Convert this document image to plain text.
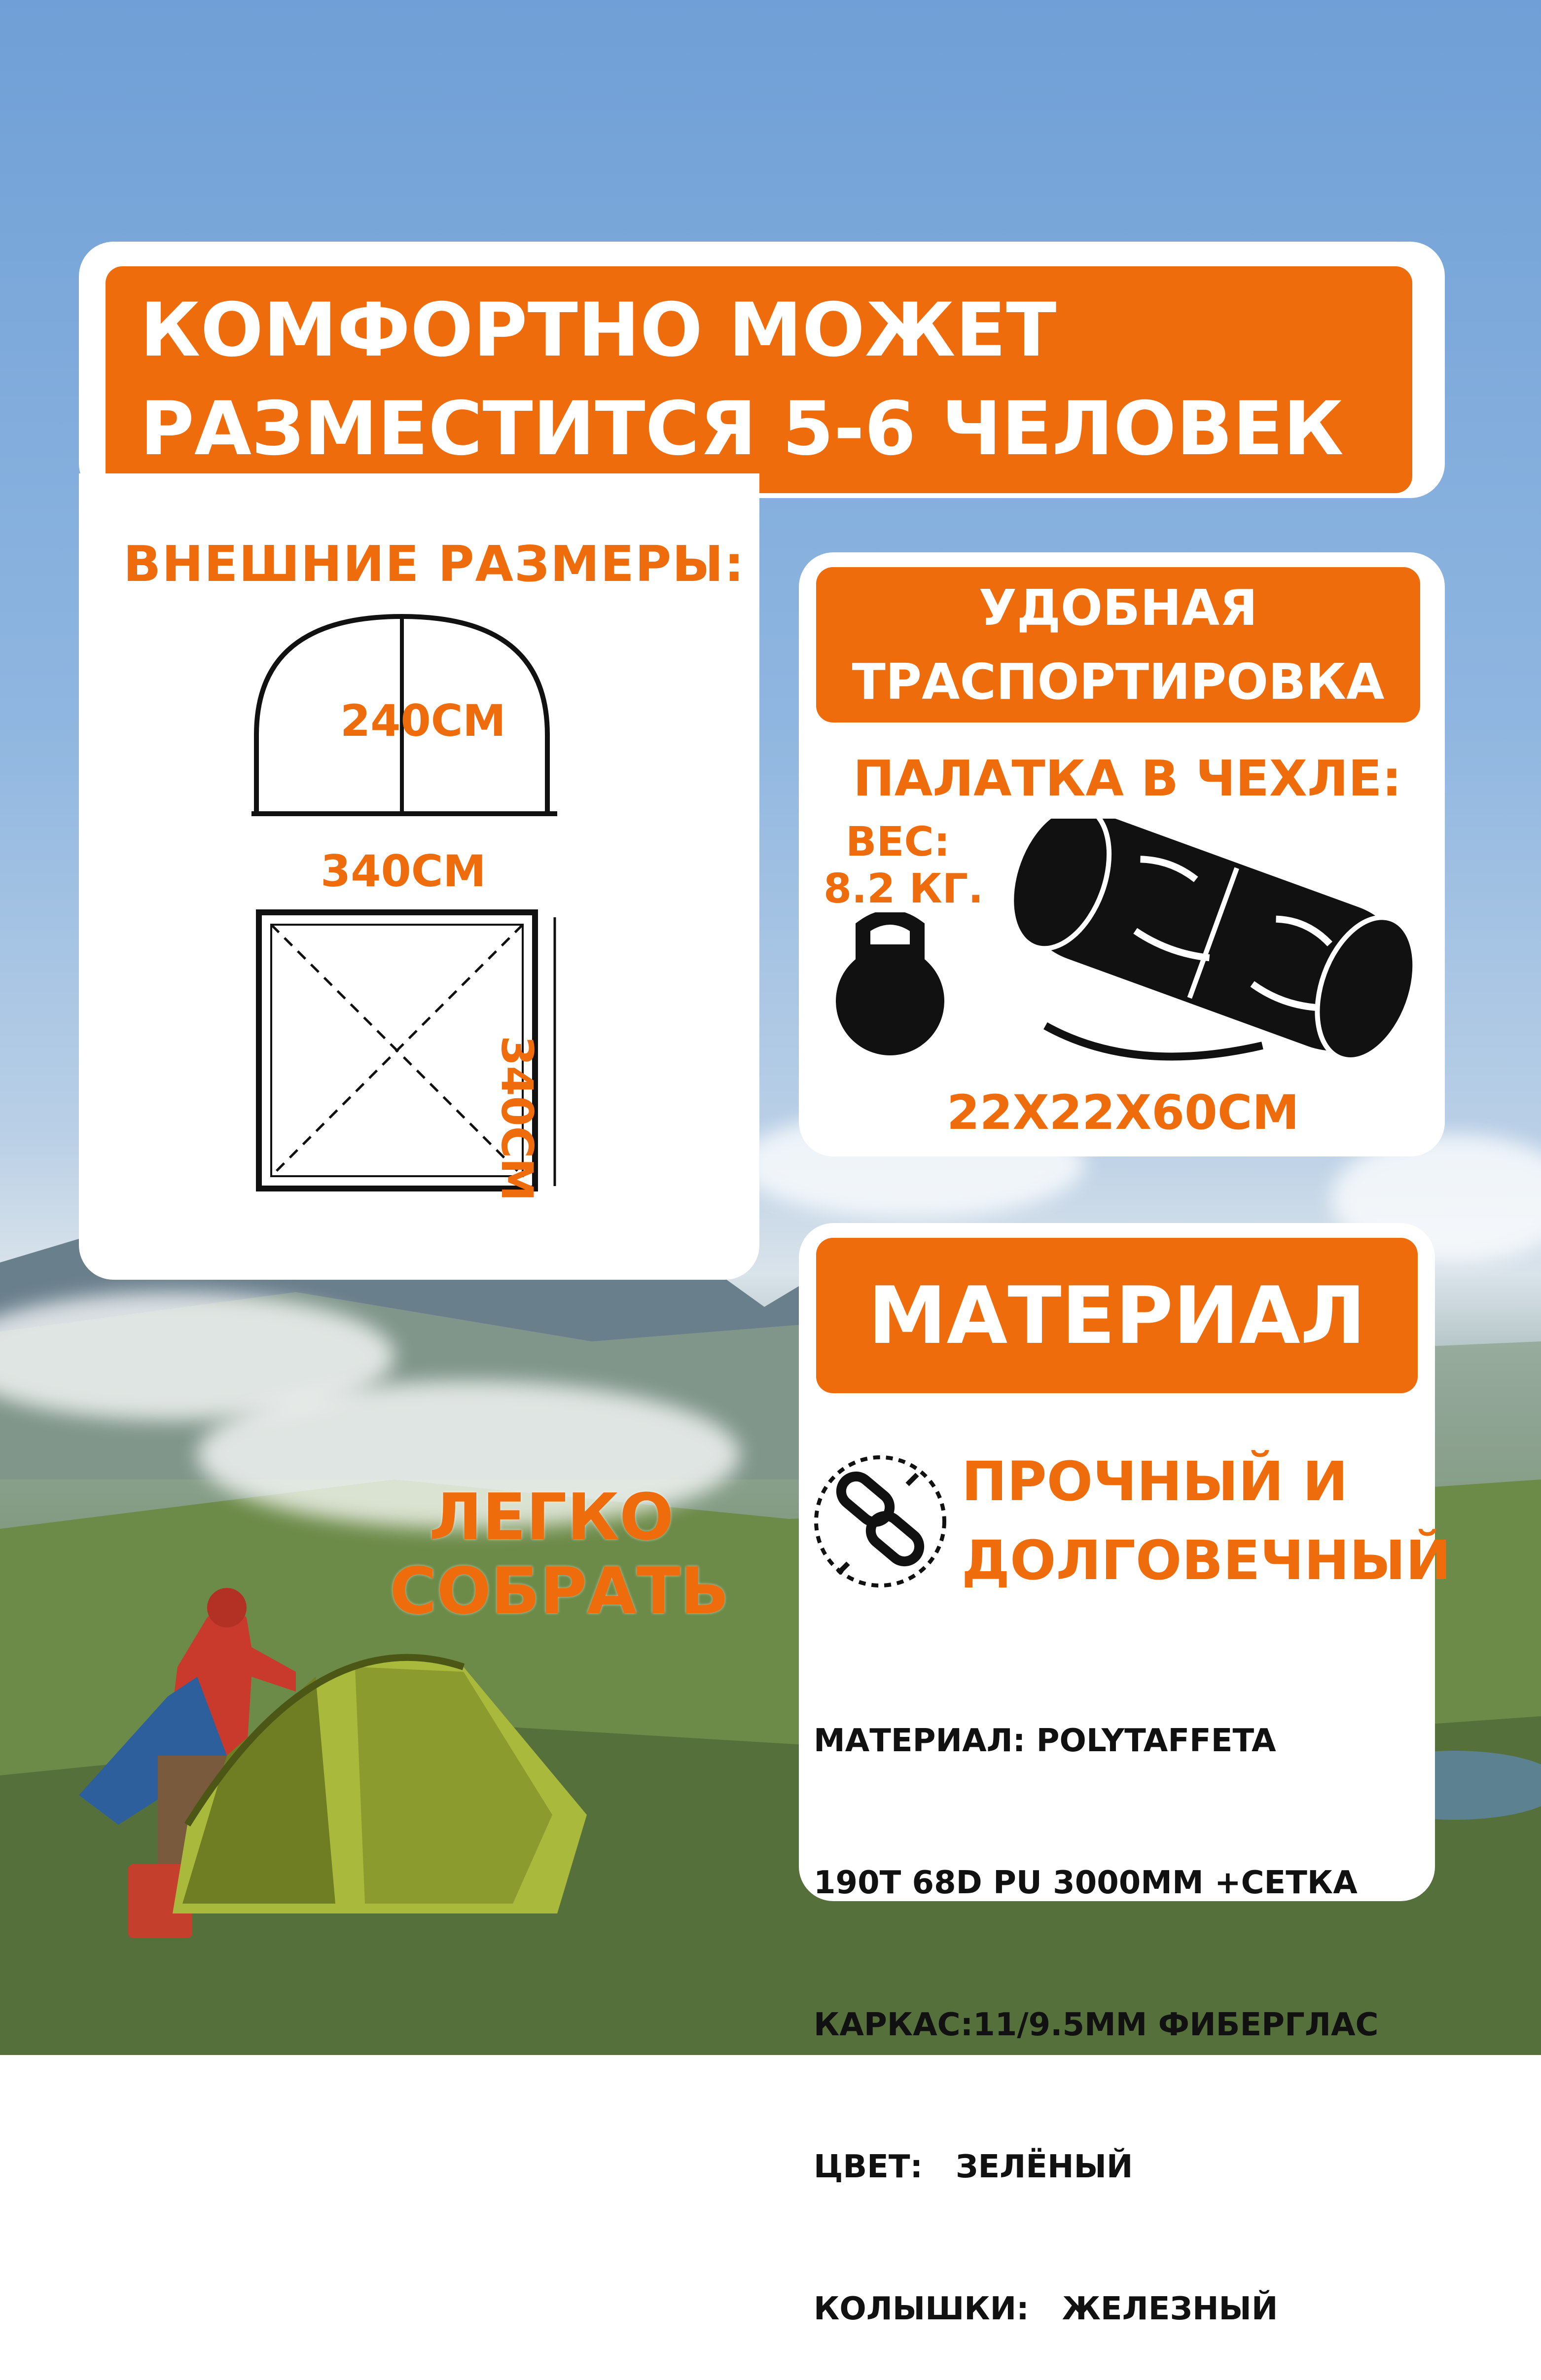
КОМФОРТНО МОЖЕТ
РАЗМЕСТИТСЯ 5-6 ЧЕЛОВЕК
ВНЕШНИЕ РАЗМЕРЫ:
240CM
340CM
340CM
УДОБНАЯ
ТРАСПОРТИРОВКА
ПАЛАТКА В ЧЕХЛЕ:
ВЕС:
8.2 КГ.
22X22X60CM
МАТЕРИАЛ
ПРОЧНЫЙ И
ДОЛГОВЕЧНЫЙ

МАТЕРИАЛ: POLYTAFFETA

190T 68D PU 3000MM +СЕТКА

КАРКАС:11/9.5MM ФИБЕРГЛАС

ЦВЕТ:   ЗЕЛЁНЫЙ

КОЛЫШКИ:   ЖЕЛЕЗНЫЙ

ЛЕГКО
СОБРАТЬ
